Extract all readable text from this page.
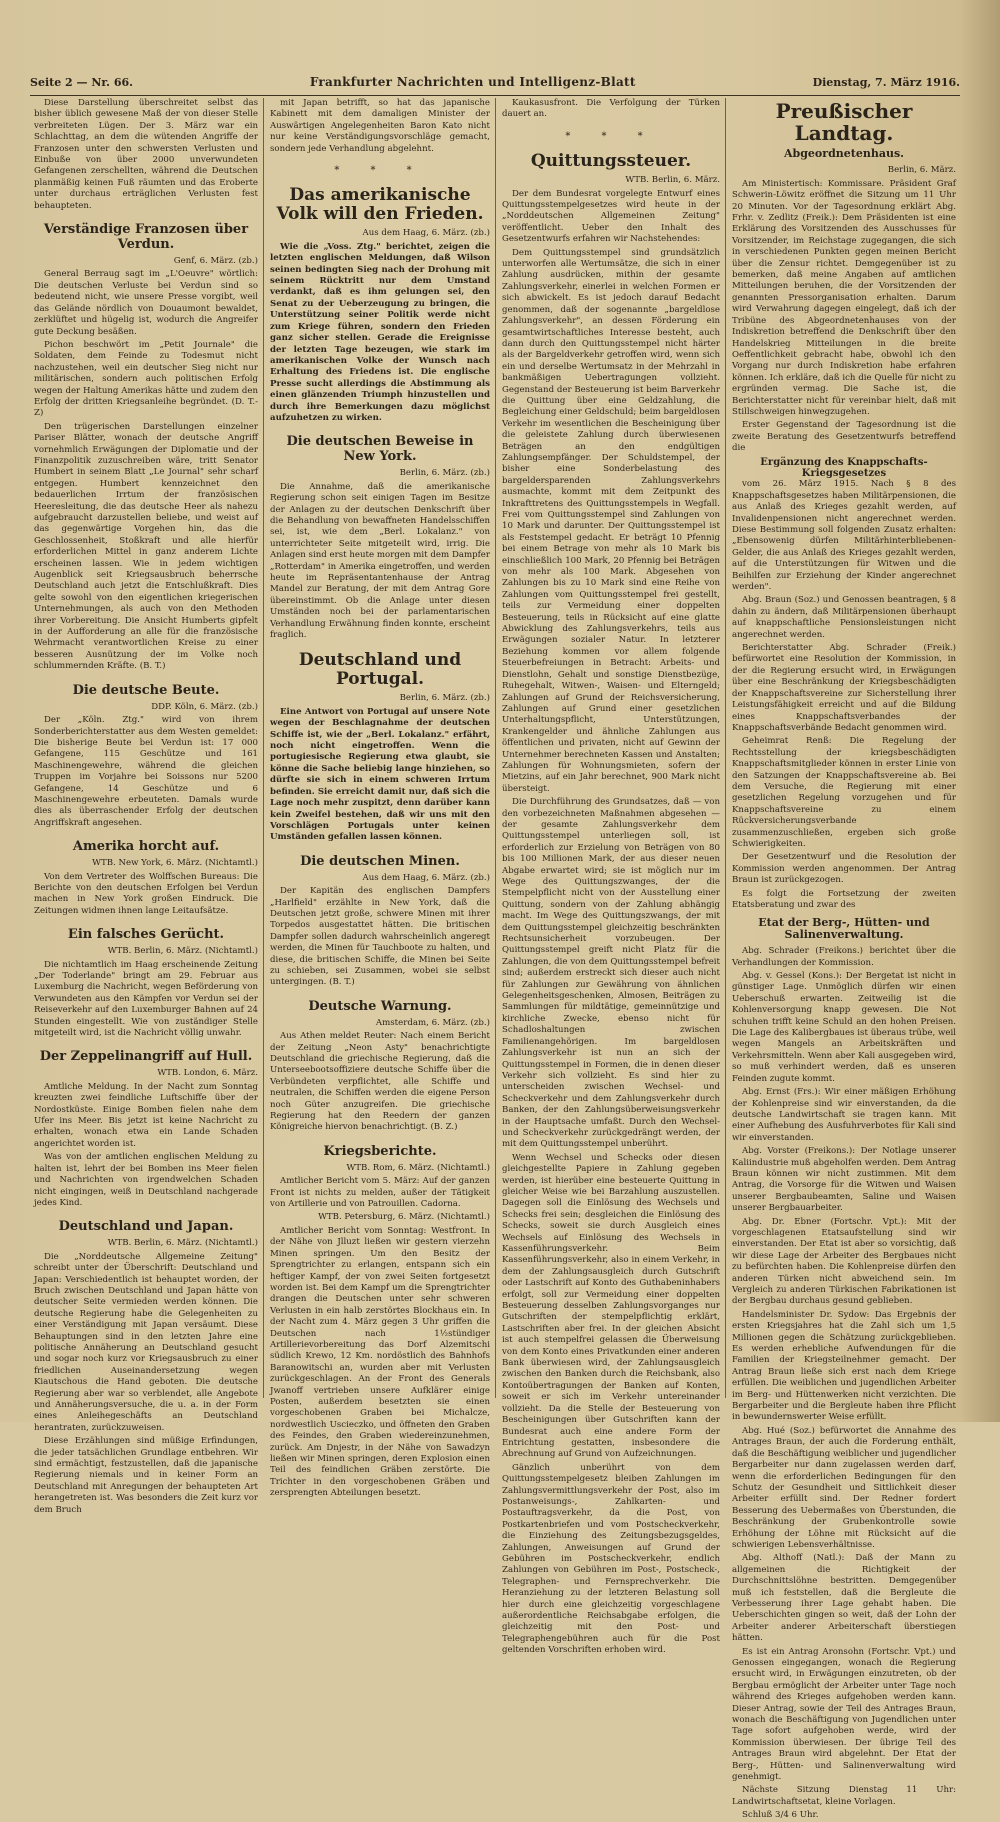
Seite 2 — Nr. 66.	Frankfurter Nachrichten und Intelligenz-Blatt	Dienstag, 7. März 1916.

Diese Darstellung überschreitet selbst das bisher üblich gewesene Maß der von dieser Stelle verbreiteten Lügen. Der 3. März war ein Schlachttag, an dem die wütenden Angriffe der Franzosen unter den schwersten Verlusten und Einbuße von über 2000 unverwundeten Gefangenen zerschellten, während die Deutschen planmäßig keinen Fuß räumten und das Eroberte unter durchaus erträglichen Verlusten fest behaupteten.

Verständige Franzosen über Verdun.
Genf, 6. März. (zb.)

General Berraug sagt im „L'Oeuvre" wörtlich: Die deutschen Verluste bei Verdun sind so bedeutend nicht, wie unsere Presse vorgibt, weil das Gelände nördlich von Douaumont bewaldet, zerklüftet und hügelig ist, wodurch die Angreifer gute Deckung besäßen.

Pichon beschwört im „Petit Journale" die Soldaten, dem Feinde zu Todesmut nicht nachzustehen, weil ein deutscher Sieg nicht nur militärischen, sondern auch politischen Erfolg wegen der Haltung Amerikas hätte und zudem den Erfolg der dritten Kriegsanleihe begründet. (D. T.-Z)

Den trügerischen Darstellungen einzelner Pariser Blätter, wonach der deutsche Angriff vornehmlich Erwägungen der Diplomatie und der Finanzpolitik zuzuschreiben wäre, tritt Senator Humbert in seinem Blatt „Le Journal" sehr scharf entgegen. Humbert kennzeichnet den bedauerlichen Irrtum der französischen Heeresleitung, die das deutsche Heer als nahezu aufgebraucht darzustellen beliebe, und weist auf das gegenwärtige Vorgehen hin, das die Geschlossenheit, Stoßkraft und alle hierfür erforderlichen Mittel in ganz anderem Lichte erscheinen lassen. Wie in jedem wichtigen Augenblick seit Kriegsausbruch beherrsche Deutschland auch jetzt die Entschlußkraft. Dies gelte sowohl von den eigentlichen kriegerischen Unternehmungen, als auch von den Methoden ihrer Vorbereitung. Die Ansicht Humberts gipfelt in der Aufforderung an alle für die französische Wehrmacht verantwortlichen Kreise zu einer besseren Ausnützung der im Volke noch schlummernden Kräfte. (B. T.)

Die deutsche Beute.
DDP. Köln, 6. März. (zb.)

Der „Köln. Ztg." wird von ihrem Sonderberichterstatter aus dem Westen gemeldet: Die bisherige Beute bei Verdun ist: 17 000 Gefangene, 115 Geschütze und 161 Maschinengewehre, während die gleichen Truppen im Vorjahre bei Soissons nur 5200 Gefangene, 14 Geschütze und 6 Maschinengewehre erbeuteten. Damals wurde dies als überraschender Erfolg der deutschen Angriffskraft angesehen.

Amerika horcht auf.
WTB. New York, 6. März. (Nichtamtl.)

Von dem Vertreter des Wolffschen Bureaus: Die Berichte von den deutschen Erfolgen bei Verdun machen in New York großen Eindruck. Die Zeitungen widmen ihnen lange Leitaufsätze.

Ein falsches Gerücht.
WTB. Berlin, 6. März. (Nichtamtl.)

Die nichtamtlich im Haag erscheinende Zeitung „Der Toderlande" bringt am 29. Februar aus Luxemburg die Nachricht, wegen Beförderung von Verwundeten aus den Kämpfen vor Verdun sei der Reiseverkehr auf den Luxemburger Bahnen auf 24 Stunden eingestellt. Wie von zuständiger Stelle mitgeteilt wird, ist die Nachricht völlig unwahr.

Der Zeppelinangriff auf Hull.
WTB. London, 6. März.

Amtliche Meldung. In der Nacht zum Sonntag kreuzten zwei feindliche Luftschiffe über der Nordostküste. Einige Bomben fielen nahe dem Ufer ins Meer. Bis jetzt ist keine Nachricht zu erhalten, wonach etwa ein Lande Schaden angerichtet worden ist.

Was von der amtlichen englischen Meldung zu halten ist, lehrt der bei Bomben ins Meer fielen und Nachrichten von irgendwelchen Schaden nicht eingingen, weiß in Deutschland nachgerade jedes Kind.

Deutschland und Japan.
WTB. Berlin, 6. März. (Nichtamtl.)

Die „Norddeutsche Allgemeine Zeitung" schreibt unter der Überschrift: Deutschland und Japan: Verschiedentlich ist behauptet worden, der Bruch zwischen Deutschland und Japan hätte von deutscher Seite vermieden werden können. Die deutsche Regierung habe die Gelegenheiten zu einer Verständigung mit Japan versäumt. Diese Behauptungen sind in den letzten Jahre eine politische Annäherung an Deutschland gesucht und sogar noch kurz vor Kriegsausbruch zu einer friedlichen Auseinandersetzung wegen Kiautschous die Hand geboten. Die deutsche Regierung aber war so verblendet, alle Angebote und Annäherungsversuche, die u. a. in der Form eines Anleihegeschäfts an Deutschland herantraten, zurückzuweisen.

Diese Erzählungen sind müßige Erfindungen, die jeder tatsächlichen Grundlage entbehren. Wir sind ermächtigt, festzustellen, daß die japanische Regierung niemals und in keiner Form an Deutschland mit Anregungen der behaupteten Art herangetreten ist. Was besonders die Zeit kurz vor dem Bruch

mit Japan betrifft, so hat das japanische Kabinett mit dem damaligen Minister der Auswärtigen Angelegenheiten Baron Kato nicht nur keine Verständigungsvorschläge gemacht, sondern jede Verhandlung abgelehnt.

* * *
Das amerikanische Volk will den Frieden.
Aus dem Haag, 6. März. (zb.)

Wie die „Voss. Ztg." berichtet, zeigen die letzten englischen Meldungen, daß Wilson seinen bedingten Sieg nach der Drohung mit seinem Rücktritt nur dem Umstand verdankt, daß es ihm gelungen sei, den Senat zu der Ueberzeugung zu bringen, die Unterstützung seiner Politik werde nicht zum Kriege führen, sondern den Frieden ganz sicher stellen. Gerade die Ereignisse der letzten Tage bezeugen, wie stark im amerikanischen Volke der Wunsch nach Erhaltung des Friedens ist. Die englische Presse sucht allerdings die Abstimmung als einen glänzenden Triumph hinzustellen und durch ihre Bemerkungen dazu möglichst aufzuhetzen zu wirken.

Die deutschen Beweise in New York.
Berlin, 6. März. (zb.)

Die Annahme, daß die amerikanische Regierung schon seit einigen Tagen im Besitze der Anlagen zu der deutschen Denkschrift über die Behandlung von bewaffneten Handelsschiffen sei, ist, wie dem „Berl. Lokalanz." von unterrichteter Seite mitgeteilt wird, irrig. Die Anlagen sind erst heute morgen mit dem Dampfer „Rotterdam" in Amerika eingetroffen, und werden heute im Repräsentantenhause der Antrag Mandel zur Beratung, der mit dem Antrag Gore übereinstimmt. Ob die Anlage unter diesen Umständen noch bei der parlamentarischen Verhandlung Erwähnung finden konnte, erscheint fraglich.

Deutschland und Portugal.
Berlin, 6. März. (zb.)

Eine Antwort von Portugal auf unsere Note wegen der Beschlagnahme der deutschen Schiffe ist, wie der „Berl. Lokalanz." erfährt, noch nicht eingetroffen. Wenn die portugiesische Regierung etwa glaubt, sie könne die Sache beliebig lange hinziehen, so dürfte sie sich in einem schweren Irrtum befinden. Sie erreicht damit nur, daß sich die Lage noch mehr zuspitzt, denn darüber kann kein Zweifel bestehen, daß wir uns mit den Vorschlägen Portugals unter keinen Umständen gefallen lassen können.

Die deutschen Minen.
Aus dem Haag, 6. März. (zb.)

Der Kapitän des englischen Dampfers „Harlfield" erzählte in New York, daß die Deutschen jetzt große, schwere Minen mit ihrer Torpedos ausgestattet hätten. Die britischen Dampfer sollen dadurch wahrscheinlich angeregt werden, die Minen für Tauchboote zu halten, und diese, die britischen Schiffe, die Minen bei Seite zu schieben, sei Zusammen, wobei sie selbst untergingen. (B. T.)

Deutsche Warnung.
Amsterdam, 6. März. (zb.)

Aus Athen meldet Reuter: Nach einem Bericht der Zeitung „Neon Asty" benachrichtigte Deutschland die griechische Regierung, daß die Unterseebootsoffiziere deutsche Schiffe über die Verbündeten verpflichtet, alle Schiffe und neutralen, die Schiffen werden die eigene Person noch Güter anzugreifen. Die griechische Regierung hat den Reedern der ganzen Königreiche hiervon benachrichtigt. (B. Z.)

Kriegsberichte.
WTB. Rom, 6. März. (Nichtamtl.)

Amtlicher Bericht vom 5. März: Auf der ganzen Front ist nichts zu melden, außer der Tätigkeit von Artillerie und von Patrouillen. Cadorna.

WTB. Petersburg, 6. März. (Nichtamtl.)

Amtlicher Bericht vom Sonntag: Westfront. In der Nähe von Jlluzt ließen wir gestern vierzehn Minen springen. Um den Besitz der Sprengtrichter zu erlangen, entspann sich ein heftiger Kampf, der von zwei Seiten fortgesetzt worden ist. Bei dem Kampf um die Sprengtrichter drangen die Deutschen unter sehr schweren Verlusten in ein halb zerstörtes Blockhaus ein. In der Nacht zum 4. März gegen 3 Uhr griffen die Deutschen nach 1½stündiger Artillerievorbereitung das Dorf Alzemitschi südlich Krewo, 12 Km. nordöstlich des Bahnhofs Baranowitschi an, wurden aber mit Verlusten zurückgeschlagen. An der Front des Generals Jwanoff vertrieben unsere Aufklärer einige Posten, außerdem besetzten sie einen vorgeschobenen Graben bei Michalcze, nordwestlich Uscieczko, und öffneten den Graben des Feindes, den Graben wiedereinzunehmen, zurück. Am Dnjestr, in der Nähe von Sawadzyn ließen wir Minen springen, deren Explosion einen Teil des feindlichen Gräben zerstörte. Die Trichter in den vorgeschobenen Gräben und zersprengten Abteilungen besetzt.

Kaukasusfront. Die Verfolgung der Türken dauert an.

* * *
Quittungssteuer.
WTB. Berlin, 6. März.

Der dem Bundesrat vorgelegte Entwurf eines Quittungsstempelgesetzes wird heute in der „Norddeutschen Allgemeinen Zeitung" veröffentlicht. Ueber den Inhalt des Gesetzentwurfs erfahren wir Nachstehendes:

Dem Quittungsstempel sind grundsätzlich unterworfen alle Wertumsätze, die sich in einer Zahlung ausdrücken, mithin der gesamte Zahlungsverkehr, einerlei in welchen Formen er sich abwickelt. Es ist jedoch darauf Bedacht genommen, daß der sogenannte „bargeldlose Zahlungsverkehr", an dessen Förderung ein gesamtwirtschaftliches Interesse besteht, auch dann durch den Quittungsstempel nicht härter als der Bargeldverkehr getroffen wird, wenn sich ein und derselbe Wertumsatz in der Mehrzahl in bankmäßigen Uebertragungen vollzieht. Gegenstand der Besteuerung ist beim Barverkehr die Quittung über eine Geldzahlung, die Begleichung einer Geldschuld; beim bargeldlosen Verkehr im wesentlichen die Bescheinigung über die geleistete Zahlung durch überwiesenen Beträgen an den endgültigen Zahlungsempfänger. Der Schuldstempel, der bisher eine Sonderbelastung des bargeldersparenden Zahlungsverkehrs ausmachte, kommt mit dem Zeitpunkt des Inkrafttretens des Quittungsstempels in Wegfall. Frei vom Quittungsstempel sind Zahlungen von 10 Mark und darunter. Der Quittungsstempel ist als Feststempel gedacht. Er beträgt 10 Pfennig bei einem Betrage von mehr als 10 Mark bis einschließlich 100 Mark, 20 Pfennig bei Beträgen von mehr als 100 Mark. Abgesehen von Zahlungen bis zu 10 Mark sind eine Reihe von Zahlungen vom Quittungsstempel frei gestellt, teils zur Vermeidung einer doppelten Besteuerung, teils in Rücksicht auf eine glatte Abwicklung des Zahlungsverkehrs, teils aus Erwägungen sozialer Natur. In letzterer Beziehung kommen vor allem folgende Steuerbefreiungen in Betracht: Arbeits- und Dienstlohn, Gehalt und sonstige Dienstbezüge, Ruhegehalt, Witwen-, Waisen- und Elterngeld; Zahlungen auf Grund der Reichsversicherung, Zahlungen auf Grund einer gesetzlichen Unterhaltungspflicht, Unterstützungen, Krankengelder und ähnliche Zahlungen aus öffentlichen und privaten, nicht auf Gewinn der Unternehmer berechneten Kassen und Anstalten; Zahlungen für Wohnungsmieten, sofern der Mietzins, auf ein Jahr berechnet, 900 Mark nicht übersteigt.

Die Durchführung des Grundsatzes, daß — von den vorbezeichneten Maßnahmen abgesehen — der gesamte Zahlungsverkehr dem Quittungsstempel unterliegen soll, ist erforderlich zur Erzielung von Beträgen von 80 bis 100 Millionen Mark, der aus dieser neuen Abgabe erwartet wird; sie ist möglich nur im Wege des Quittungszwanges, der die Stempelpflicht nicht von der Ausstellung einer Quittung, sondern von der Zahlung abhängig macht. Im Wege des Quittungszwangs, der mit dem Quittungsstempel gleichzeitig beschränkten Rechtsunsicherheit vorzubeugen. Der Quittungsstempel greift nicht Platz für die Zahlungen, die von dem Quittungsstempel befreit sind; außerdem erstreckt sich dieser auch nicht für Zahlungen zur Gewährung von ähnlichen Gelegenheitsgeschenken, Almosen, Beiträgen zu Sammlungen für mildtätige, gemeinnützige und kirchliche Zwecke, ebenso nicht für Schadloshaltungen zwischen Familienangehörigen. Im bargeldlosen Zahlungsverkehr ist nun an sich der Quittungsstempel in Formen, die in denen dieser Verkehr sich vollzieht. Es sind hier zu unterscheiden zwischen Wechsel- und Scheckverkehr und dem Zahlungsverkehr durch Banken, der den Zahlungsüberweisungsverkehr in der Hauptsache umfaßt. Durch den Wechsel- und Scheckverkehr zurückgedrängt werden, der mit dem Quittungsstempel unberührt.

Wenn Wechsel und Schecks oder diesen gleichgestellte Papiere in Zahlung gegeben werden, ist hierüber eine besteuerte Quittung in gleicher Weise wie bei Barzahlung auszustellen. Dagegen soll die Einlösung des Wechsels und Schecks frei sein; desgleichen die Einlösung des Schecks, soweit sie durch Ausgleich eines Wechsels auf Einlösung des Wechsels in Kassenführungsverkehr. Beim Kassenführungsverkehr, also in einem Verkehr, in dem der Zahlungsausgleich durch Gutschrift oder Lastschrift auf Konto des Guthabeninhabers erfolgt, soll zur Vermeidung einer doppelten Besteuerung desselben Zahlungsvorganges nur Gutschriften der stempelpflichtig erklärt, Lastschriften aber frei. In der gleichen Absicht ist auch stempelfrei gelassen die Überweisung von dem Konto eines Privatkunden einer anderen Bank überwiesen wird, der Zahlungsausgleich zwischen den Banken durch die Reichsbank, also Kontoübertragungen der Banken auf Konten, soweit er sich im Verkehr untereinander vollzieht. Da die Stelle der Besteuerung von Bescheinigungen über Gutschriften kann der Bundesrat auch eine andere Form der Entrichtung gestatten, insbesondere die Abrechnung auf Grund von Aufzeichnungen.

Gänzlich unberührt von dem Quittungsstempelgesetz bleiben Zahlungen im Zahlungsvermittlungsverkehr der Post, also im Postanweisungs-, Zahlkarten- und Postauftragsverkehr, da die Post, von Postkartenbriefen und vom Postscheckverkehr, die Einziehung des Zeitungsbezugsgeldes, Zahlungen, Anweisungen auf Grund der Gebühren im Postscheckverkehr, endlich Zahlungen von Gebühren im Post-, Postscheck-, Telegraphen- und Fernsprechverkehr. Die Heranziehung zu der letzteren Belastung soll hier durch eine gleichzeitig vorgeschlagene außerordentliche Reichsabgabe erfolgen, die gleichzeitig mit den Post- und Telegraphengebühren auch für die Post geltenden Vorschriften erhoben wird.

Preußischer Landtag.
Abgeordnetenhaus.
Berlin, 6. März.

Am Ministertisch: Kommissare. Präsident Graf Schwerin-Löwitz eröffnet die Sitzung um 11 Uhr 20 Minuten. Vor der Tagesordnung erklärt Abg. Frhr. v. Zedlitz (Freik.): Dem Präsidenten ist eine Erklärung des Vorsitzenden des Ausschusses für Vorsitzender, im Reichstage zugegangen, die sich in verschiedenen Punkten gegen meinen Bericht über die Zensur richtet. Demgegenüber ist zu bemerken, daß meine Angaben auf amtlichen Mitteilungen beruhen, die der Vorsitzenden der genannten Pressorganisation erhalten. Darum wird Verwahrung dagegen eingelegt, daß ich der Tribüne des Abgeordnetenhauses von der Indiskretion betreffend die Denkschrift über den Handelskrieg Mitteilungen in die breite Oeffentlichkeit gebracht habe, obwohl ich den Vorgang nur durch Indiskretion habe erfahren können. Ich erkläre, daß ich die Quelle für nicht zu ergründen vermag. Die Sache ist, die Berichterstatter nicht für vereinbar hielt, daß mit Stillschweigen hinwegzugehen.

Erster Gegenstand der Tagesordnung ist die zweite Beratung des Gesetzentwurfs betreffend die

Ergänzung des Knappschafts-Kriegsgesetzes

vom 26. März 1915. Nach § 8 des Knappschaftsgesetzes haben Militärpensionen, die aus Anlaß des Krieges gezahlt werden, auf Invalidenpensionen nicht angerechnet werden. Diese Bestimmung soll folgenden Zusatz erhalten: „Ebensowenig dürfen Militärhinterbliebenen-Gelder, die aus Anlaß des Krieges gezahlt werden, auf die Unterstützungen für Witwen und die Beihilfen zur Erziehung der Kinder angerechnet werden".

Abg. Braun (Soz.) und Genossen beantragen, § 8 dahin zu ändern, daß Militärpensionen überhaupt auf knappschaftliche Pensionsleistungen nicht angerechnet werden.

Berichterstatter Abg. Schrader (Freik.) befürwortet eine Resolution der Kommission, in der die Regierung ersucht wird, in Erwägungen über eine Beschränkung der Kriegsbeschädigten der Knappschaftsvereine zur Sicherstellung ihrer Leistungsfähigkeit erreicht und auf die Bildung eines Knappschaftsverbandes der Knappschaftsverbände Bedacht genommen wird.

Geheimrat Renß: Die Regelung der Rechtsstellung der kriegsbeschädigten Knappschaftsmitglieder können in erster Linie von den Satzungen der Knappschaftsvereine ab. Bei dem Versuche, die Regierung mit einer gesetzlichen Regelung vorzugehen und für Knappschaftsvereine zu einem Rückversicherungsverbande zusammenzuschließen, ergeben sich große Schwierigkeiten.

Der Gesetzentwurf und die Resolution der Kommission werden angenommen. Der Antrag Braun ist zurückgezogen.

Es folgt die Fortsetzung der zweiten Etatsberatung und zwar des

Etat der Berg-, Hütten- und Salinenverwaltung.

Abg. Schrader (Freikons.) berichtet über die Verhandlungen der Kommission.

Abg. v. Gessel (Kons.): Der Bergetat ist nicht in günstiger Lage. Unmöglich dürfen wir einen Ueberschuß erwarten. Zeitweilig ist die Kohlenversorgung knapp gewesen. Die Not schuhen trifft keine Schuld an den hohen Preisen. Die Lage des Kalibergbaues ist überaus trübe, weil wegen Mangels an Arbeitskräften und Verkehrsmitteln. Wenn aber Kali ausgegeben wird, so muß verhindert werden, daß es unseren Feinden zugute kommt.

Abg. Ernst (Frs.): Wir einer mäßigen Erhöhung der Kohlenpreise sind wir einverstanden, da die deutsche Landwirtschaft sie tragen kann. Mit einer Aufhebung des Ausfuhrverbotes für Kali sind wir einverstanden.

Abg. Vorster (Freikons.): Der Notlage unserer Kaliindustrie muß abgeholfen werden. Dem Antrag Braun können wir nicht zustimmen. Mit dem Antrag, die Vorsorge für die Witwen und Waisen unserer Bergbaubeamten, Saline und Waisen unserer Bergbauarbeiter.

Abg. Dr. Ebner (Fortschr. Vpt.): Mit der vorgeschlagenen Etatsaufstellung sind wir einverstanden. Der Etat ist aber so vorsichtig, daß wir diese Lage der Arbeiter des Bergbaues nicht zu befürchten haben. Die Kohlenpreise dürfen den anderen Türken nicht abweichend sein. Im Vergleich zu anderen Türkischen Fabrikationen ist der Bergbau durchaus gesund geblieben.

Handelsminister Dr. Sydow: Das Ergebnis der ersten Kriegsjahres hat die Zahl sich um 1,5 Millionen gegen die Schätzung zurückgeblieben. Es werden erhebliche Aufwendungen für die Familien der Kriegsteilnehmer gemacht. Der Antrag Braun ließe sich erst nach dem Kriege erfüllen. Die weiblichen und jugendlichen Arbeiter im Berg- und Hüttenwerken nicht verzichten. Die Bergarbeiter und die Bergleute haben ihre Pflicht in bewundernswerter Weise erfüllt.

Abg. Hué (Soz.) befürwortet die Annahme des Antrages Braun, der auch die Forderung enthält, daß die Beschäftigung weiblicher und jugendlicher Bergarbeiter nur dann zugelassen werden darf, wenn die erforderlichen Bedingungen für den Schutz der Gesundheit und Sittlichkeit dieser Arbeiter erfüllt sind. Der Redner fordert Besserung des Uebermaßes von Überstunden, die Beschränkung der Grubenkontrolle sowie Erhöhung der Löhne mit Rücksicht auf die schwierigen Lebensverhältnisse.

Abg. Althoff (Natl.): Daß der Mann zu allgemeinen die Richtigkeit der Durchschnittslöhne bestritten. Demgegenüber muß ich feststellen, daß die Bergleute die Verbesserung ihrer Lage gehabt haben. Die Ueberschichten gingen so weit, daß der Lohn der Arbeiter anderer Arbeiterschaft überstiegen hätten.

Es ist ein Antrag Aronsohn (Fortschr. Vpt.) und Genossen eingegangen, wonach die Regierung ersucht wird, in Erwägungen einzutreten, ob der Bergbau ermöglicht der Arbeiter unter Tage noch während des Krieges aufgehoben werden kann. Dieser Antrag, sowie der Teil des Antrages Braun, wonach die Beschäftigung von Jugendlichen unter Tage sofort aufgehoben werde, wird der Kommission überwiesen. Der übrige Teil des Antrages Braun wird abgelehnt. Der Etat der Berg-, Hütten- und Salinenverwaltung wird genehmigt.

Nächste Sitzung Dienstag 11 Uhr: Landwirtschaftsetat, kleine Vorlagen.

Schluß 3/4 6 Uhr.
